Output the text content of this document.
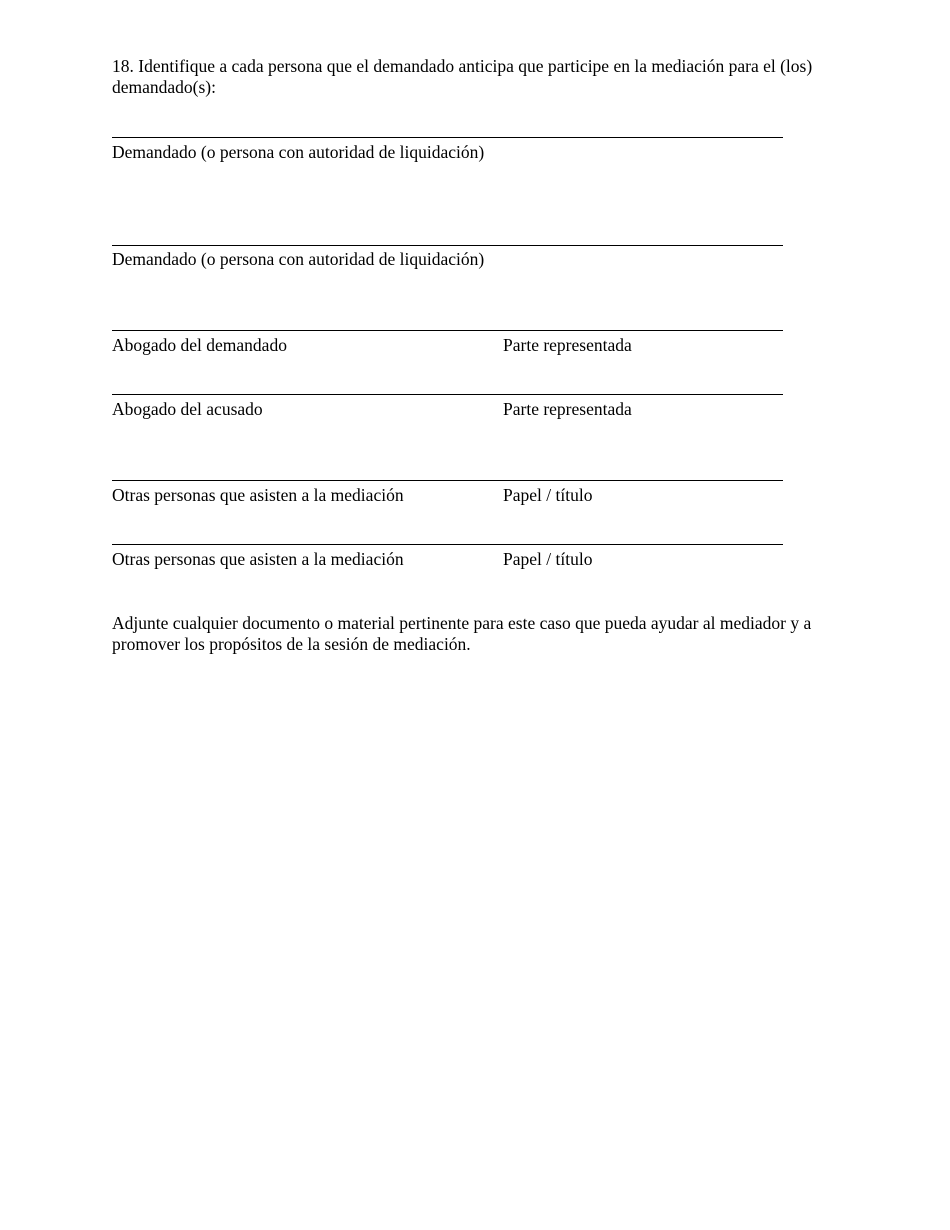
18. Identifique a cada persona que el demandado anticipa que participe en la mediación para el (los) demandado(s):

Demandado (o persona con autoridad de liquidación)
Demandado (o persona con autoridad de liquidación)
Abogado del demandado	Parte representada
Abogado del acusado	Parte representada
Otras personas que asisten a la mediación	Papel / título
Otras personas que asisten a la mediación	Papel / título

Adjunte cualquier documento o material pertinente para este caso que pueda ayudar al mediador y a promover los propósitos de la sesión de mediación.
